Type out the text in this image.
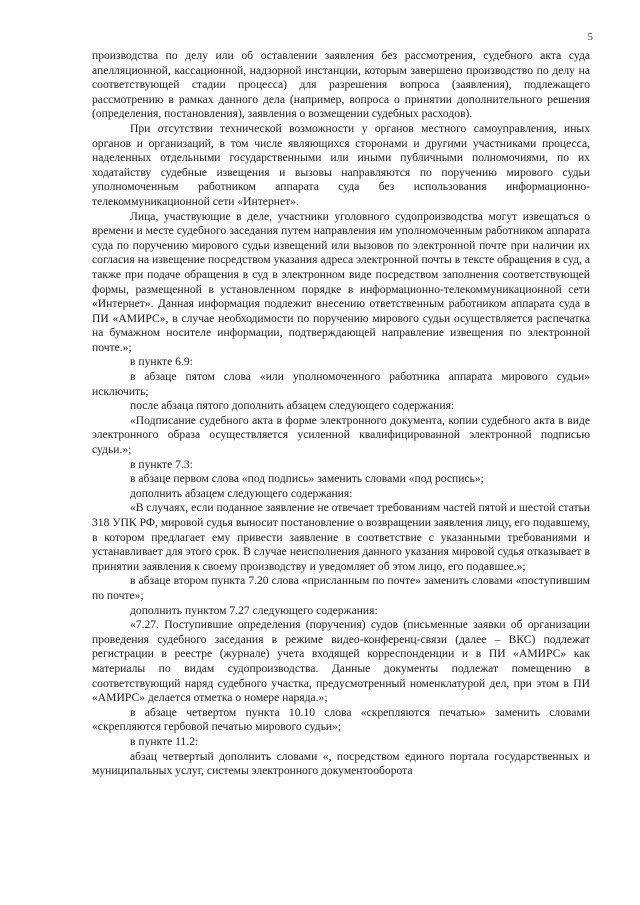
5

производства по делу или об оставлении заявления без рассмотрения, судебного акта суда апелляционной, кассационной, надзорной инстанции, которым завершено производство по делу на соответствующей стадии процесса) для разрешения вопроса (заявления), подлежащего рассмотрению в рамках данного дела (например, вопроса о принятии дополнительного решения (определения, постановления), заявления о возмещении судебных расходов).

При отсутствии технической возможности у органов местного самоуправления, иных органов и организаций, в том числе являющихся сторонами и другими участниками процесса, наделенных отдельными государственными или иными публичными полномочиями, по их ходатайству судебные извещения и вызовы направляются по поручению мирового судьи уполномоченным работником аппарата суда без использования информационно-телекоммуникационной сети «Интернет».

Лица, участвующие в деле, участники уголовного судопроизводства могут извещаться о времени и месте судебного заседания путем направления им уполномоченным работником аппарата суда по поручению мирового судьи извещений или вызовов по электронной почте при наличии их согласия на извещение посредством указания адреса электронной почты в тексте обращения в суд, а также при подаче обращения в суд в электронном виде посредством заполнения соответствующей формы, размещенной в установленном порядке в информационно-телекоммуникационной сети «Интернет». Данная информация подлежит внесению ответственным работником аппарата суда в ПИ «АМИРС», в случае необходимости по поручению мирового судьи осуществляется распечатка на бумажном носителе информации, подтверждающей направление извещения по электронной почте.»;

в пункте 6.9:

в абзаце пятом слова «или уполномоченного работника аппарата мирового судьи» исключить;

после абзаца пятого дополнить абзацем следующего содержания:

«Подписание судебного акта в форме электронного документа, копии судебного акта в виде электронного образа осуществляется усиленной квалифицированной электронной подписью судьи.»;

в пункте 7.3:

в абзаце первом слова «под подпись» заменить словами «под роспись»;

дополнить абзацем следующего содержания:

«В случаях, если поданное заявление не отвечает требованиям частей пятой и шестой статьи 318 УПК РФ, мировой судья выносит постановление о возвращении заявления лицу, его подавшему, в котором предлагает ему привести заявление в соответствие с указанными требованиями и устанавливает для этого срок. В случае неисполнения данного указания мировой судья отказывает в принятии заявления к своему производству и уведомляет об этом лицо, его подавшее.»;

в абзаце втором пункта 7.20 слова «присланным по почте» заменить словами «поступившим по почте»;

дополнить пунктом 7.27 следующего содержания:

«7.27. Поступившие определения (поручения) судов (письменные заявки об организации проведения судебного заседания в режиме видео-конференц-связи (далее – ВКС) подлежат регистрации в реестре (журнале) учета входящей корреспонденции и в ПИ «АМИРС» как материалы по видам судопроизводства. Данные документы подлежат помещению в соответствующий наряд судебного участка, предусмотренный номенклатурой дел, при этом в ПИ «АМИРС» делается отметка о номере наряда.»;

в абзаце четвертом пункта 10.10 слова «скрепляются печатью» заменить словами «скрепляются гербовой печатью мирового судьи»;

в пункте 11.2:

абзац четвертый дополнить словами «, посредством единого портала государственных и муниципальных услуг, системы электронного документооборота
